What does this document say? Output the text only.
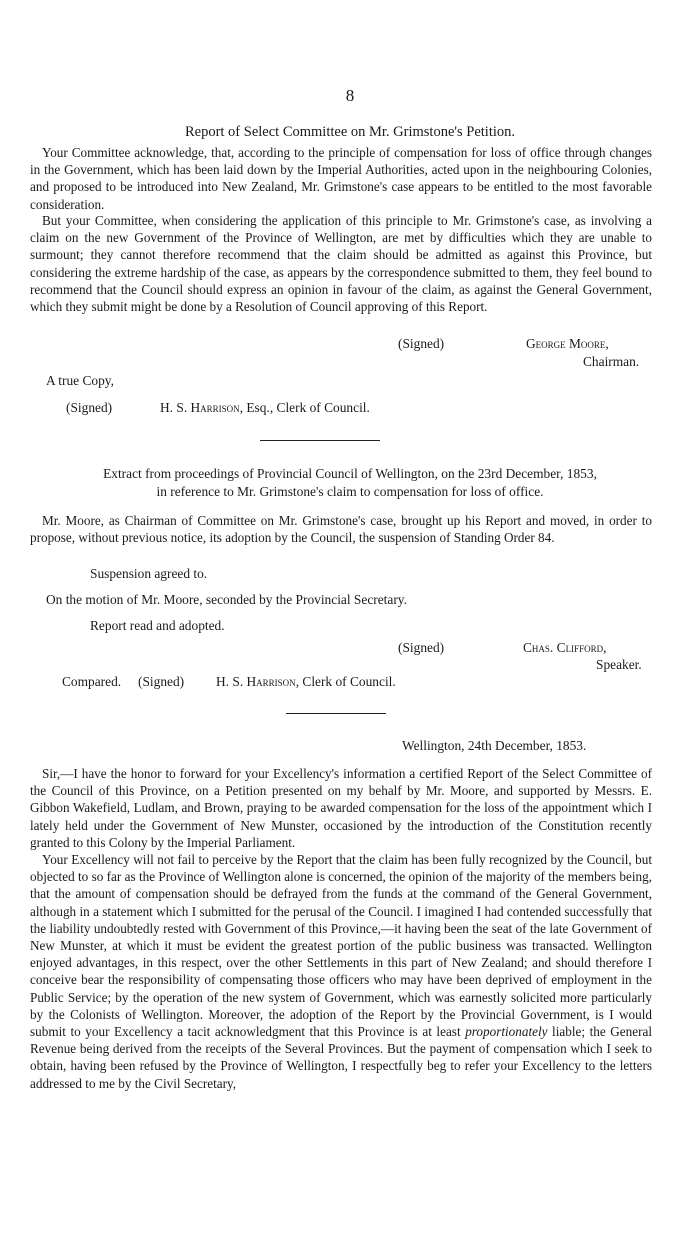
8
Report of Select Committee on Mr. Grimstone's Petition.

Your Committee acknowledge, that, according to the principle of compensation for loss of office through changes in the Government, which has been laid down by the Imperial Authorities, acted upon in the neighbouring Colonies, and proposed to be introduced into New Zealand, Mr. Grimstone's case appears to be entitled to the most favorable consideration.

But your Committee, when considering the application of this principle to Mr. Grimstone's case, as involving a claim on the new Government of the Province of Wellington, are met by difficulties which they are unable to surmount; they cannot therefore recommend that the claim should be admitted as against this Province, but considering the extreme hardship of the case, as appears by the correspondence submitted to them, they feel bound to recommend that the Council should express an opinion in favour of the claim, as against the General Government, which they submit might be done by a Resolution of Council approving of this Report.

(Signed)	George Moore,
Chairman.
A true Copy,
(Signed)	H. S. Harrison, Esq., Clerk of Council.
Extract from proceedings of Provincial Council of Wellington, on the 23rd December, 1853,
in reference to Mr. Grimstone's claim to compensation for loss of office.

Mr. Moore, as Chairman of Committee on Mr. Grimstone's case, brought up his Report and moved, in order to propose, without previous notice, its adoption by the Council, the suspension of Standing Order 84.

Suspension agreed to.
On the motion of Mr. Moore, seconded by the Provincial Secretary.
Report read and adopted.
(Signed)	Chas. Clifford,
Speaker.
Compared. (Signed) H. S. Harrison, Clerk of Council.
Wellington, 24th December, 1853.

Sir,—I have the honor to forward for your Excellency's information a certified Report of the Select Committee of the Council of this Province, on a Petition presented on my behalf by Mr. Moore, and supported by Messrs. E. Gibbon Wakefield, Ludlam, and Brown, praying to be awarded compensation for the loss of the appointment which I lately held under the Government of New Munster, occasioned by the introduction of the Constitution recently granted to this Colony by the Imperial Parliament.

Your Excellency will not fail to perceive by the Report that the claim has been fully recognized by the Council, but objected to so far as the Province of Wellington alone is concerned, the opinion of the majority of the members being, that the amount of compensation should be defrayed from the funds at the command of the General Government, although in a statement which I submitted for the perusal of the Council. I imagined I had contended successfully that the liability undoubtedly rested with Government of this Province,—it having been the seat of the late Government of New Munster, at which it must be evident the greatest portion of the public business was transacted. Wellington enjoyed advantages, in this respect, over the other Settlements in this part of New Zealand; and should therefore I conceive bear the responsibility of compensating those officers who may have been deprived of employment in the Public Service; by the operation of the new system of Government, which was earnestly solicited more particularly by the Colonists of Wellington. Moreover, the adoption of the Report by the Provincial Government, is I would submit to your Excellency a tacit acknowledgment that this Province is at least proportionately liable; the General Revenue being derived from the receipts of the Several Provinces. But the payment of compensation which I seek to obtain, having been refused by the Province of Wellington, I respectfully beg to refer your Excellency to the letters addressed to me by the Civil Secretary,
